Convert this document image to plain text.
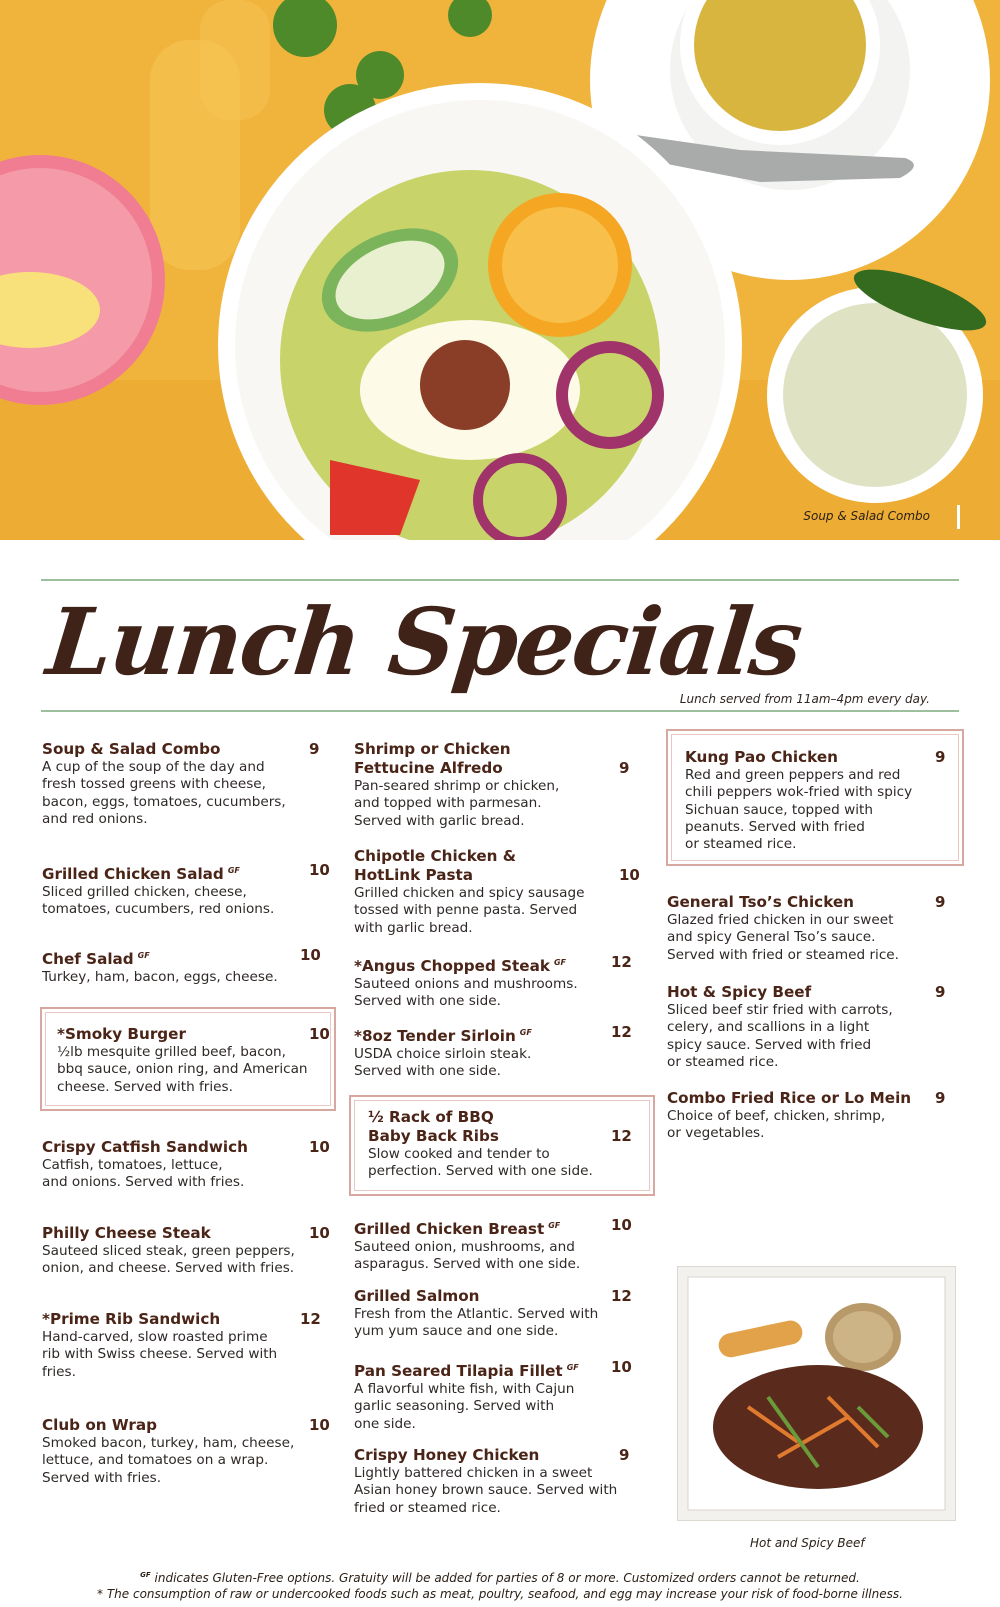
Soup & Salad Combo
Lunch Specials
Lunch served from 11am–4pm every day.
Soup & Salad Combo
A cup of the soup of the day and
fresh tossed greens with cheese,
bacon, eggs, tomatoes, cucumbers,
and red onions.
9
Grilled Chicken Salad $^{GF}$
Sliced grilled chicken, cheese,
tomatoes, cucumbers, red onions.
10
Chef Salad $^{GF}$
Turkey, ham, bacon, eggs, cheese.
10
*Smoky Burger
½lb mesquite grilled beef, bacon,
bbq sauce, onion ring, and American
cheese. Served with fries.
10
Crispy Catfish Sandwich
Catfish, tomatoes, lettuce,
and onions. Served with fries.
10
Philly Cheese Steak
Sauteed sliced steak, green peppers,
onion, and cheese. Served with fries.
10
*Prime Rib Sandwich
Hand-carved, slow roasted prime
rib with Swiss cheese. Served with
fries.
12
Club on Wrap
Smoked bacon, turkey, ham, cheese,
lettuce, and tomatoes on a wrap.
Served with fries.
10
Shrimp or Chicken
Fettucine Alfredo
Pan-seared shrimp or chicken,
and topped with parmesan.
Served with garlic bread.
9
Chipotle Chicken &
HotLink Pasta
Grilled chicken and spicy sausage
tossed with penne pasta. Served
with garlic bread.
10
*Angus Chopped Steak $^{GF}$
Sauteed onions and mushrooms.
Served with one side.
12
*8oz Tender Sirloin $^{GF}$
USDA choice sirloin steak.
Served with one side.
12
½ Rack of BBQ
Baby Back Ribs
Slow cooked and tender to
perfection. Served with one side.
12
Grilled Chicken Breast $^{GF}$
Sauteed onion, mushrooms, and
asparagus. Served with one side.
10
Grilled Salmon
Fresh from the Atlantic. Served with
yum yum sauce and one side.
12
Pan Seared Tilapia Fillet $^{GF}$
A flavorful white fish, with Cajun
garlic seasoning. Served with
one side.
10
Crispy Honey Chicken
Lightly battered chicken in a sweet
Asian honey brown sauce. Served with
fried or steamed rice.
9
Kung Pao Chicken
Red and green peppers and red
chili peppers wok-fried with spicy
Sichuan sauce, topped with
peanuts. Served with fried
or steamed rice.
9
General Tso’s Chicken
Glazed fried chicken in our sweet
and spicy General Tso’s sauce.
Served with fried or steamed rice.
9
Hot & Spicy Beef
Sliced beef stir fried with carrots,
celery, and scallions in a light
spicy sauce. Served with fried
or steamed rice.
9
Combo Fried Rice or Lo Mein
Choice of beef, chicken, shrimp,
or vegetables.
9
Hot and Spicy Beef
$^{GF}$ indicates Gluten-Free options. Gratuity will be added for parties of 8 or more. Customized orders cannot be returned.
* The consumption of raw or undercooked foods such as meat, poultry, seafood, and egg may increase your risk of food-borne illness.
